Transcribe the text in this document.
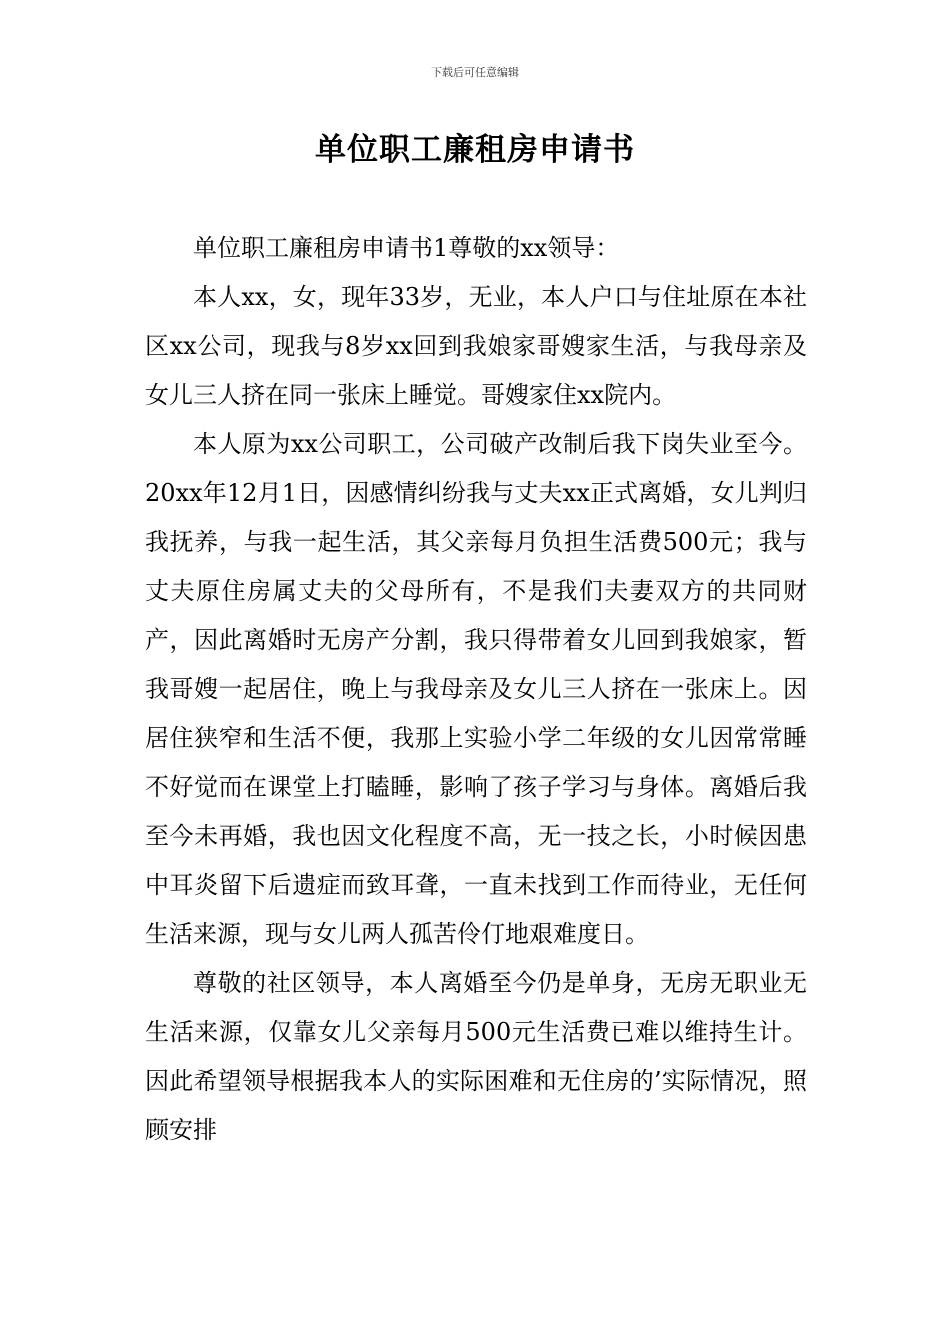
下载后可任意编辑
单位职工廉租房申请书

单位职工廉租房申请书1尊敬的xx领导：

本人xx，女，现年33岁，无业，本人户口与住址原在本社区xx公司，现我与8岁xx回到我娘家哥嫂家生活，与我母亲及女儿三人挤在同一张床上睡觉。哥嫂家住xx院内。

本人原为xx公司职工，公司破产改制后我下岗失业至今。20xx年12月1日，因感情纠纷我与丈夫xx正式离婚，女儿判归我抚养，与我一起生活，其父亲每月负担生活费500元；我与丈夫原住房属丈夫的父母所有，不是我们夫妻双方的共同财产，因此离婚时无房产分割，我只得带着女儿回到我娘家，暂我哥嫂一起居住，晚上与我母亲及女儿三人挤在一张床上。因居住狭窄和生活不便，我那上实验小学二年级的女儿因常常睡不好觉而在课堂上打瞌睡，影响了孩子学习与身体。离婚后我至今未再婚，我也因文化程度不高，无一技之长，小时候因患中耳炎留下后遗症而致耳聋，一直未找到工作而待业，无任何生活来源，现与女儿两人孤苦伶仃地艰难度日。

尊敬的社区领导，本人离婚至今仍是单身，无房无职业无生活来源，仅靠女儿父亲每月500元生活费已难以维持生计。因此希望领导根据我本人的实际困难和无住房的’实际情况，照顾安排
